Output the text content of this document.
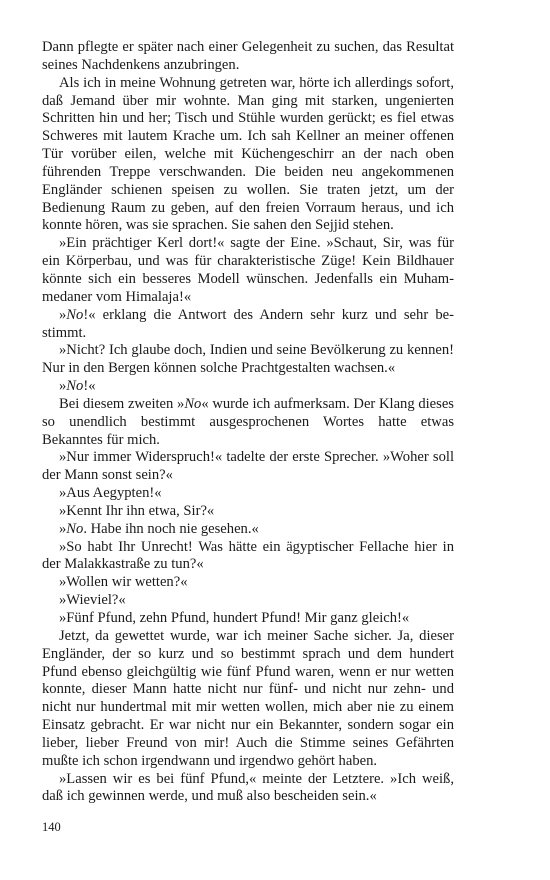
Dann pflegte er später nach einer Gelegenheit zu suchen, das Resultat seines Nachdenkens anzubringen.

Als ich in meine Wohnung getreten war, hörte ich allerdings sofort, daß Jemand über mir wohnte. Man ging mit starken, ungenierten Schritten hin und her; Tisch und Stühle wurden gerückt; es fiel etwas Schweres mit lautem Krache um. Ich sah Kellner an meiner offenen Tür vorüber eilen, welche mit Küchengeschirr an der nach oben führenden Treppe verschwanden. Die beiden neu angekommenen Engländer schienen speisen zu wollen. Sie traten jetzt, um der Bedienung Raum zu geben, auf den freien Vorraum heraus, und ich konnte hören, was sie sprachen. Sie sahen den Sejjid stehen.

»Ein prächtiger Kerl dort!« sagte der Eine. »Schaut, Sir, was für ein Körperbau, und was für charakteristische Züge! Kein Bildhauer könnte sich ein besseres Modell wünschen. Jedenfalls ein Muhammedaner vom Himalaja!«

»No!« erklang die Antwort des Andern sehr kurz und sehr bestimmt.

»Nicht? Ich glaube doch, Indien und seine Bevölkerung zu kennen! Nur in den Bergen können solche Prachtgestalten wachsen.«

»No!«

Bei diesem zweiten »No« wurde ich aufmerksam. Der Klang dieses so unendlich bestimmt ausgesprochenen Wortes hatte etwas Bekanntes für mich.

»Nur immer Widerspruch!« tadelte der erste Sprecher. »Woher soll der Mann sonst sein?«

»Aus Aegypten!«

»Kennt Ihr ihn etwa, Sir?«

»No. Habe ihn noch nie gesehen.«

»So habt Ihr Unrecht! Was hätte ein ägyptischer Fellache hier in der Malakkastraße zu tun?«

»Wollen wir wetten?«

»Wieviel?«

»Fünf Pfund, zehn Pfund, hundert Pfund! Mir ganz gleich!«

Jetzt, da gewettet wurde, war ich meiner Sache sicher. Ja, dieser Engländer, der so kurz und so bestimmt sprach und dem hundert Pfund ebenso gleichgültig wie fünf Pfund waren, wenn er nur wetten konnte, dieser Mann hatte nicht nur fünf- und nicht nur zehn- und nicht nur hundertmal mit mir wetten wollen, mich aber nie zu einem Einsatz gebracht. Er war nicht nur ein Bekannter, sondern sogar ein lieber, lieber Freund von mir! Auch die Stimme seines Gefährten mußte ich schon irgendwann und irgendwo gehört haben.

»Lassen wir es bei fünf Pfund,« meinte der Letztere. »Ich weiß, daß ich gewinnen werde, und muß also bescheiden sein.«

140
